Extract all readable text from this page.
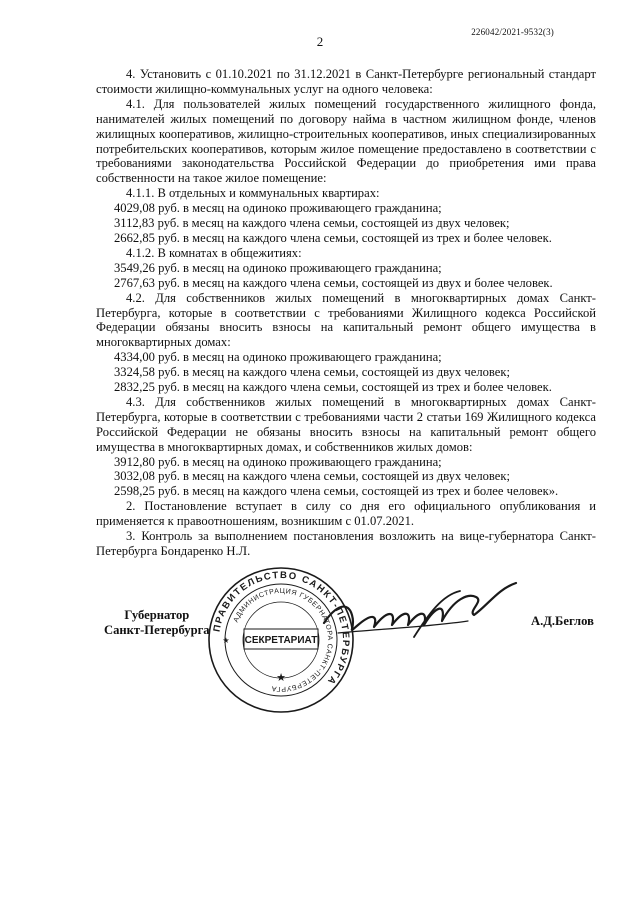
226042/2021-9532(3)
2

4. Установить с 01.10.2021 по 31.12.2021 в Санкт-Петербурге региональный стандарт стоимости жилищно-коммунальных услуг на одного человека:

4.1. Для пользователей жилых помещений государственного жилищного фонда, нанимателей жилых помещений по договору найма в частном жилищном фонде, членов жилищных кооперативов, жилищно-строительных кооперативов, иных специализированных потребительских кооперативов, которым жилое помещение предоставлено в соответствии с требованиями законодательства Российской Федерации до приобретения ими права собственности на такое жилое помещение:

4.1.1. В отдельных и коммунальных квартирах:

4029,08 руб. в месяц на одиноко проживающего гражданина;

3112,83 руб. в месяц на каждого члена семьи, состоящей из двух человек;

2662,85 руб. в месяц на каждого члена семьи, состоящей из трех и более человек.

4.1.2. В комнатах в общежитиях:

3549,26 руб. в месяц на одиноко проживающего гражданина;

2767,63 руб. в месяц на каждого члена семьи, состоящей из двух и более человек.

4.2. Для собственников жилых помещений в многоквартирных домах Санкт-Петербурга, которые в соответствии с требованиями Жилищного кодекса Российской Федерации обязаны вносить взносы на капитальный ремонт общего имущества в многоквартирных домах:

4334,00 руб. в месяц на одиноко проживающего гражданина;

3324,58 руб. в месяц на каждого члена семьи, состоящей из двух человек;

2832,25 руб. в месяц на каждого члена семьи, состоящей из трех и более человек.

4.3. Для собственников жилых помещений в многоквартирных домах Санкт-Петербурга, которые в соответствии с требованиями части 2 статьи 169 Жилищного кодекса Российской Федерации не обязаны вносить взносы на капитальный ремонт общего имущества в многоквартирных домах, и собственников жилых домов:

3912,80 руб. в месяц на одиноко проживающего гражданина;

3032,08 руб. в месяц на каждого члена семьи, состоящей из двух человек;

2598,25 руб. в месяц на каждого члена семьи, состоящей из трех и более человек».

2. Постановление вступает в силу со дня его официального опубликования и применяется к правоотношениям, возникшим с 01.07.2021.

3. Контроль за выполнением постановления возложить на вице-губернатора Санкт-Петербурга Бондаренко Н.Л.

Губернатор
Санкт-Петербурга ПРАВИТЕЛЬСТВО САНКТ-ПЕТЕРБУРГА
АДМИНИСТРАЦИЯ ГУБЕРНАТОРА САНКТ-ПЕТЕРБУРГА
СЕКРЕТАРИАТ
★
★
А.Д.Беглов
